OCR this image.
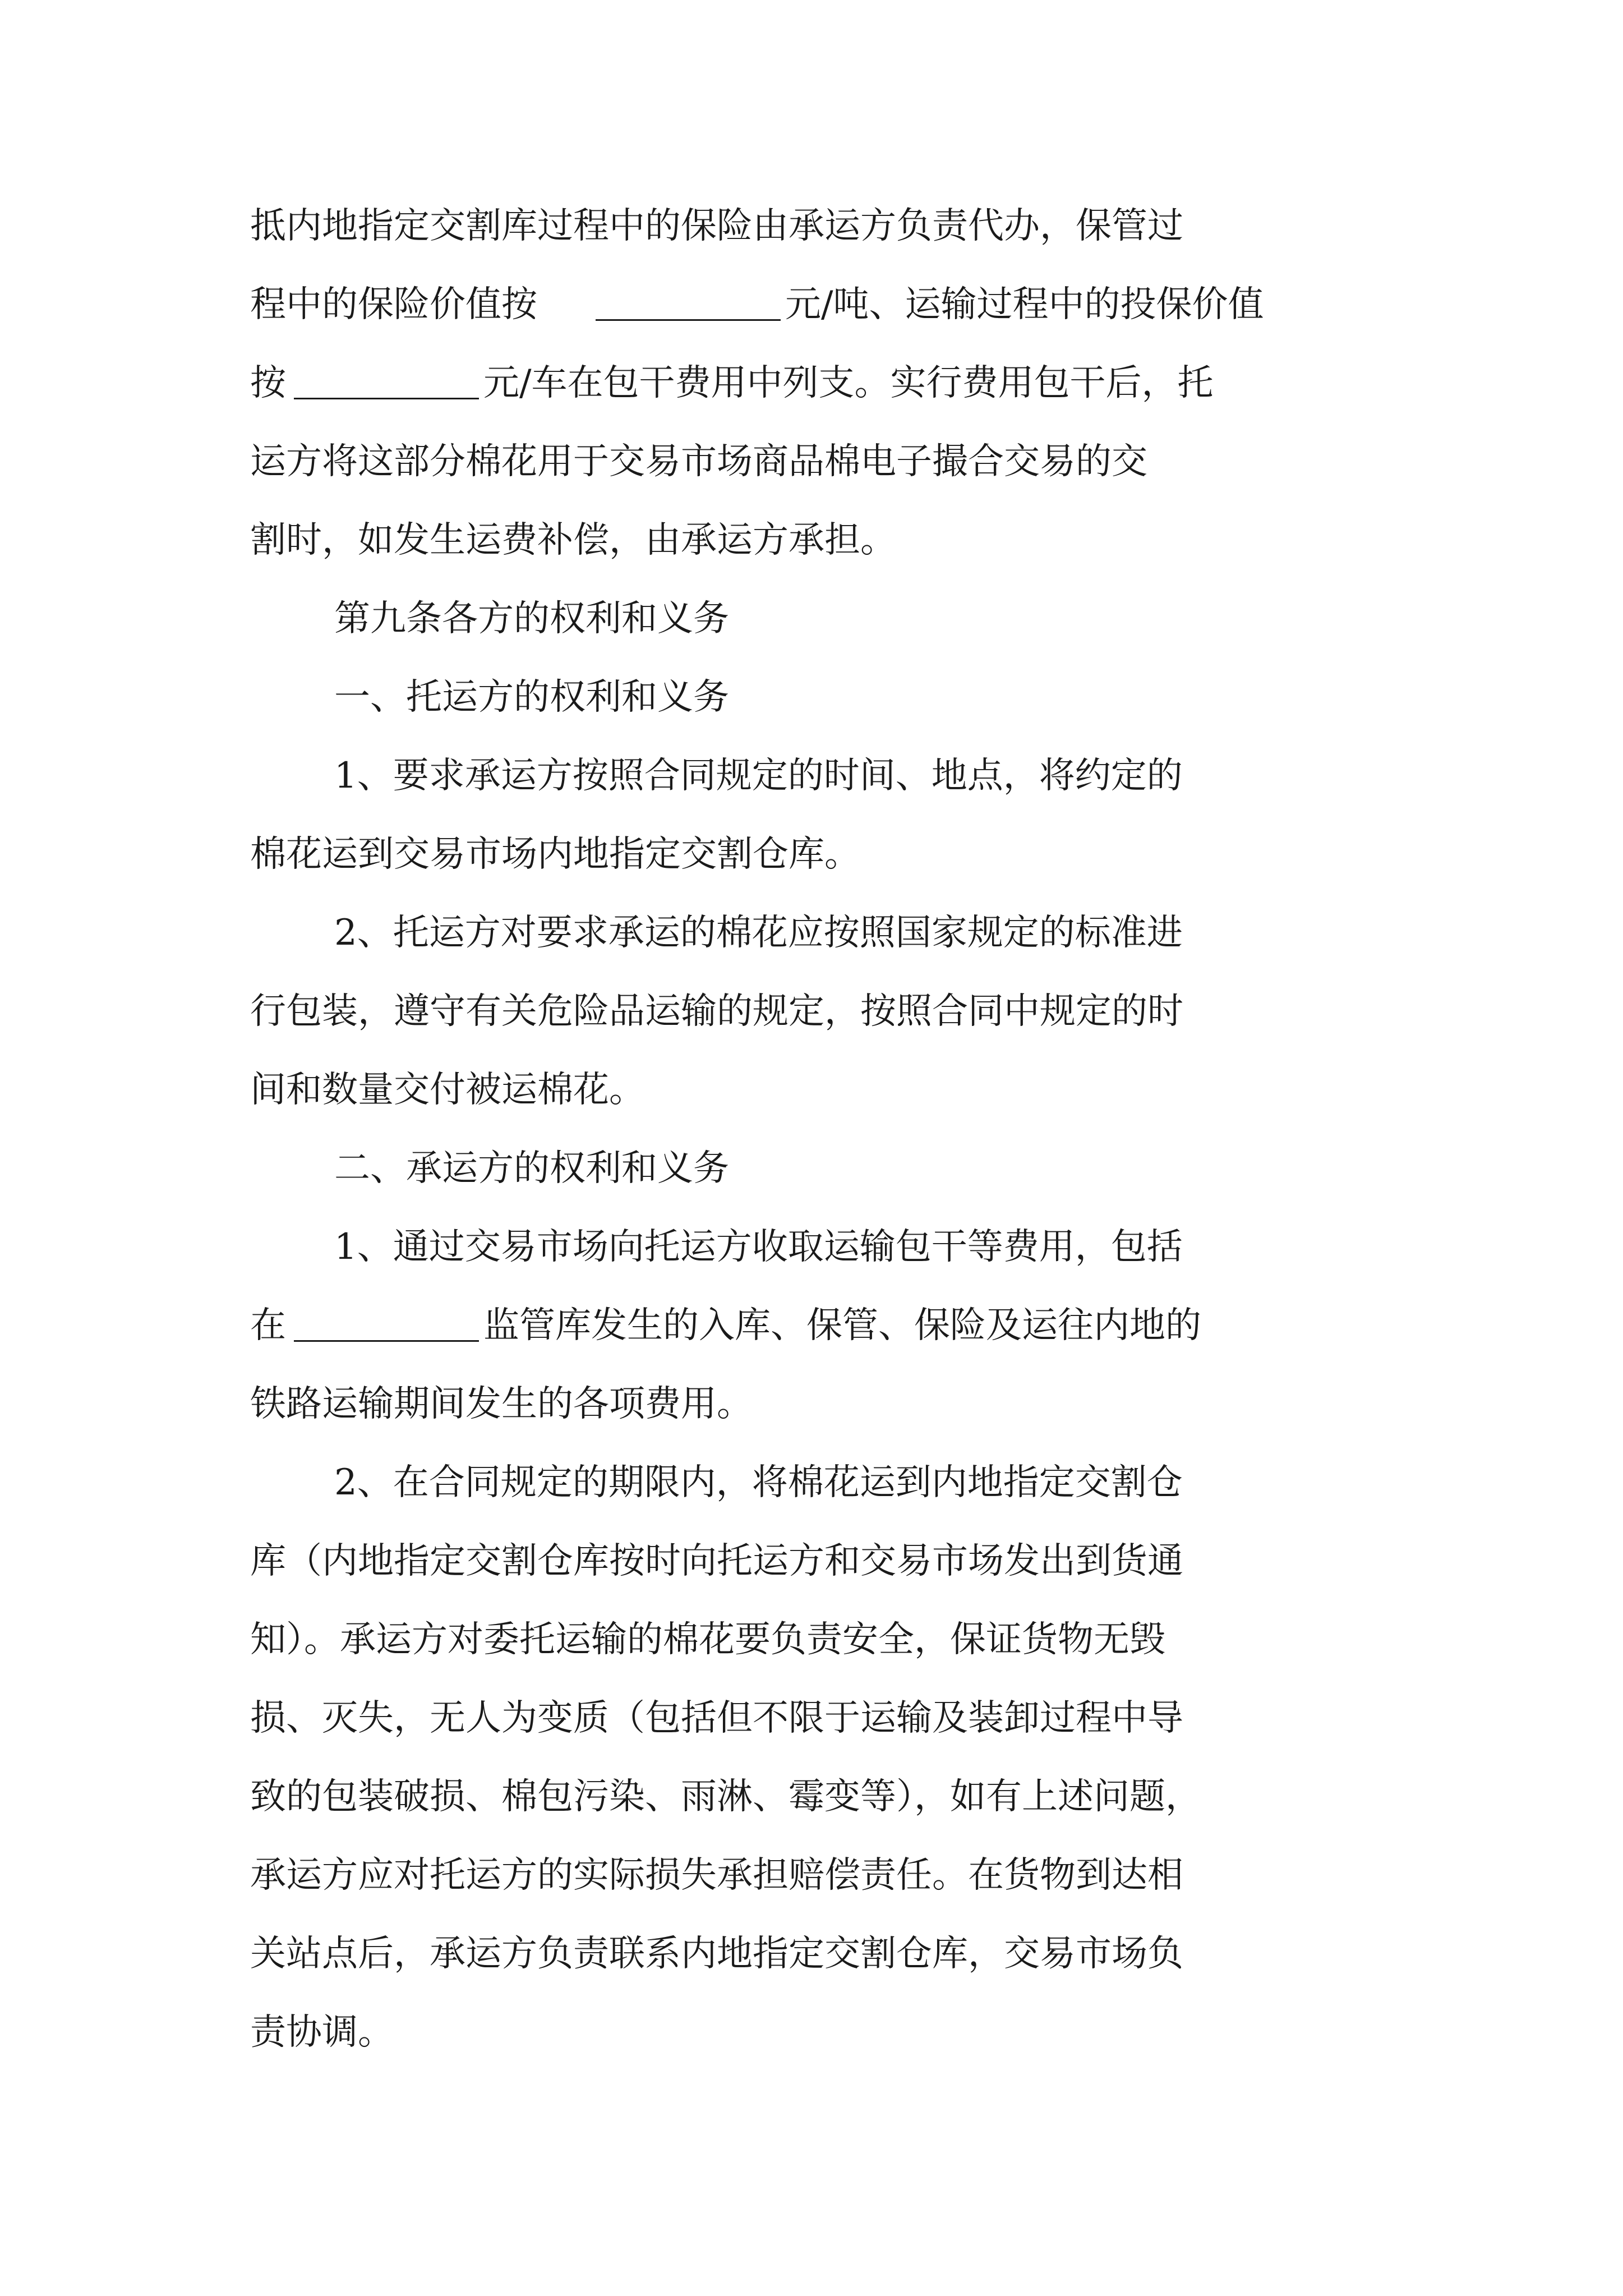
抵内地指定交割库过程中的保险由承运方负责代办，保管过
程中的保险价值按	元/吨、运输过程中的投保价值
按	元/车在包干费用中列支。实行费用包干后，托
运方将这部分棉花用于交易市场商品棉电子撮合交易的交
割时，如发生运费补偿，由承运方承担。
第九条各方的权利和义务
一、托运方的权利和义务
1、要求承运方按照合同规定的时间、地点，将约定的
棉花运到交易市场内地指定交割仓库。
2、托运方对要求承运的棉花应按照国家规定的标准进
行包装，遵守有关危险品运输的规定，按照合同中规定的时
间和数量交付被运棉花。
二、承运方的权利和义务
1、通过交易市场向托运方收取运输包干等费用，包括
在	监管库发生的入库、保管、保险及运往内地的
铁路运输期间发生的各项费用。
2、在合同规定的期限内，将棉花运到内地指定交割仓
库（内地指定交割仓库按时向托运方和交易市场发出到货通
知）。承运方对委托运输的棉花要负责安全，保证货物无毁
损、灭失，无人为变质（包括但不限于运输及装卸过程中导
致的包装破损、棉包污染、雨淋、霉变等），如有上述问题，
承运方应对托运方的实际损失承担赔偿责任。在货物到达相
关站点后，承运方负责联系内地指定交割仓库，交易市场负
责协调。
